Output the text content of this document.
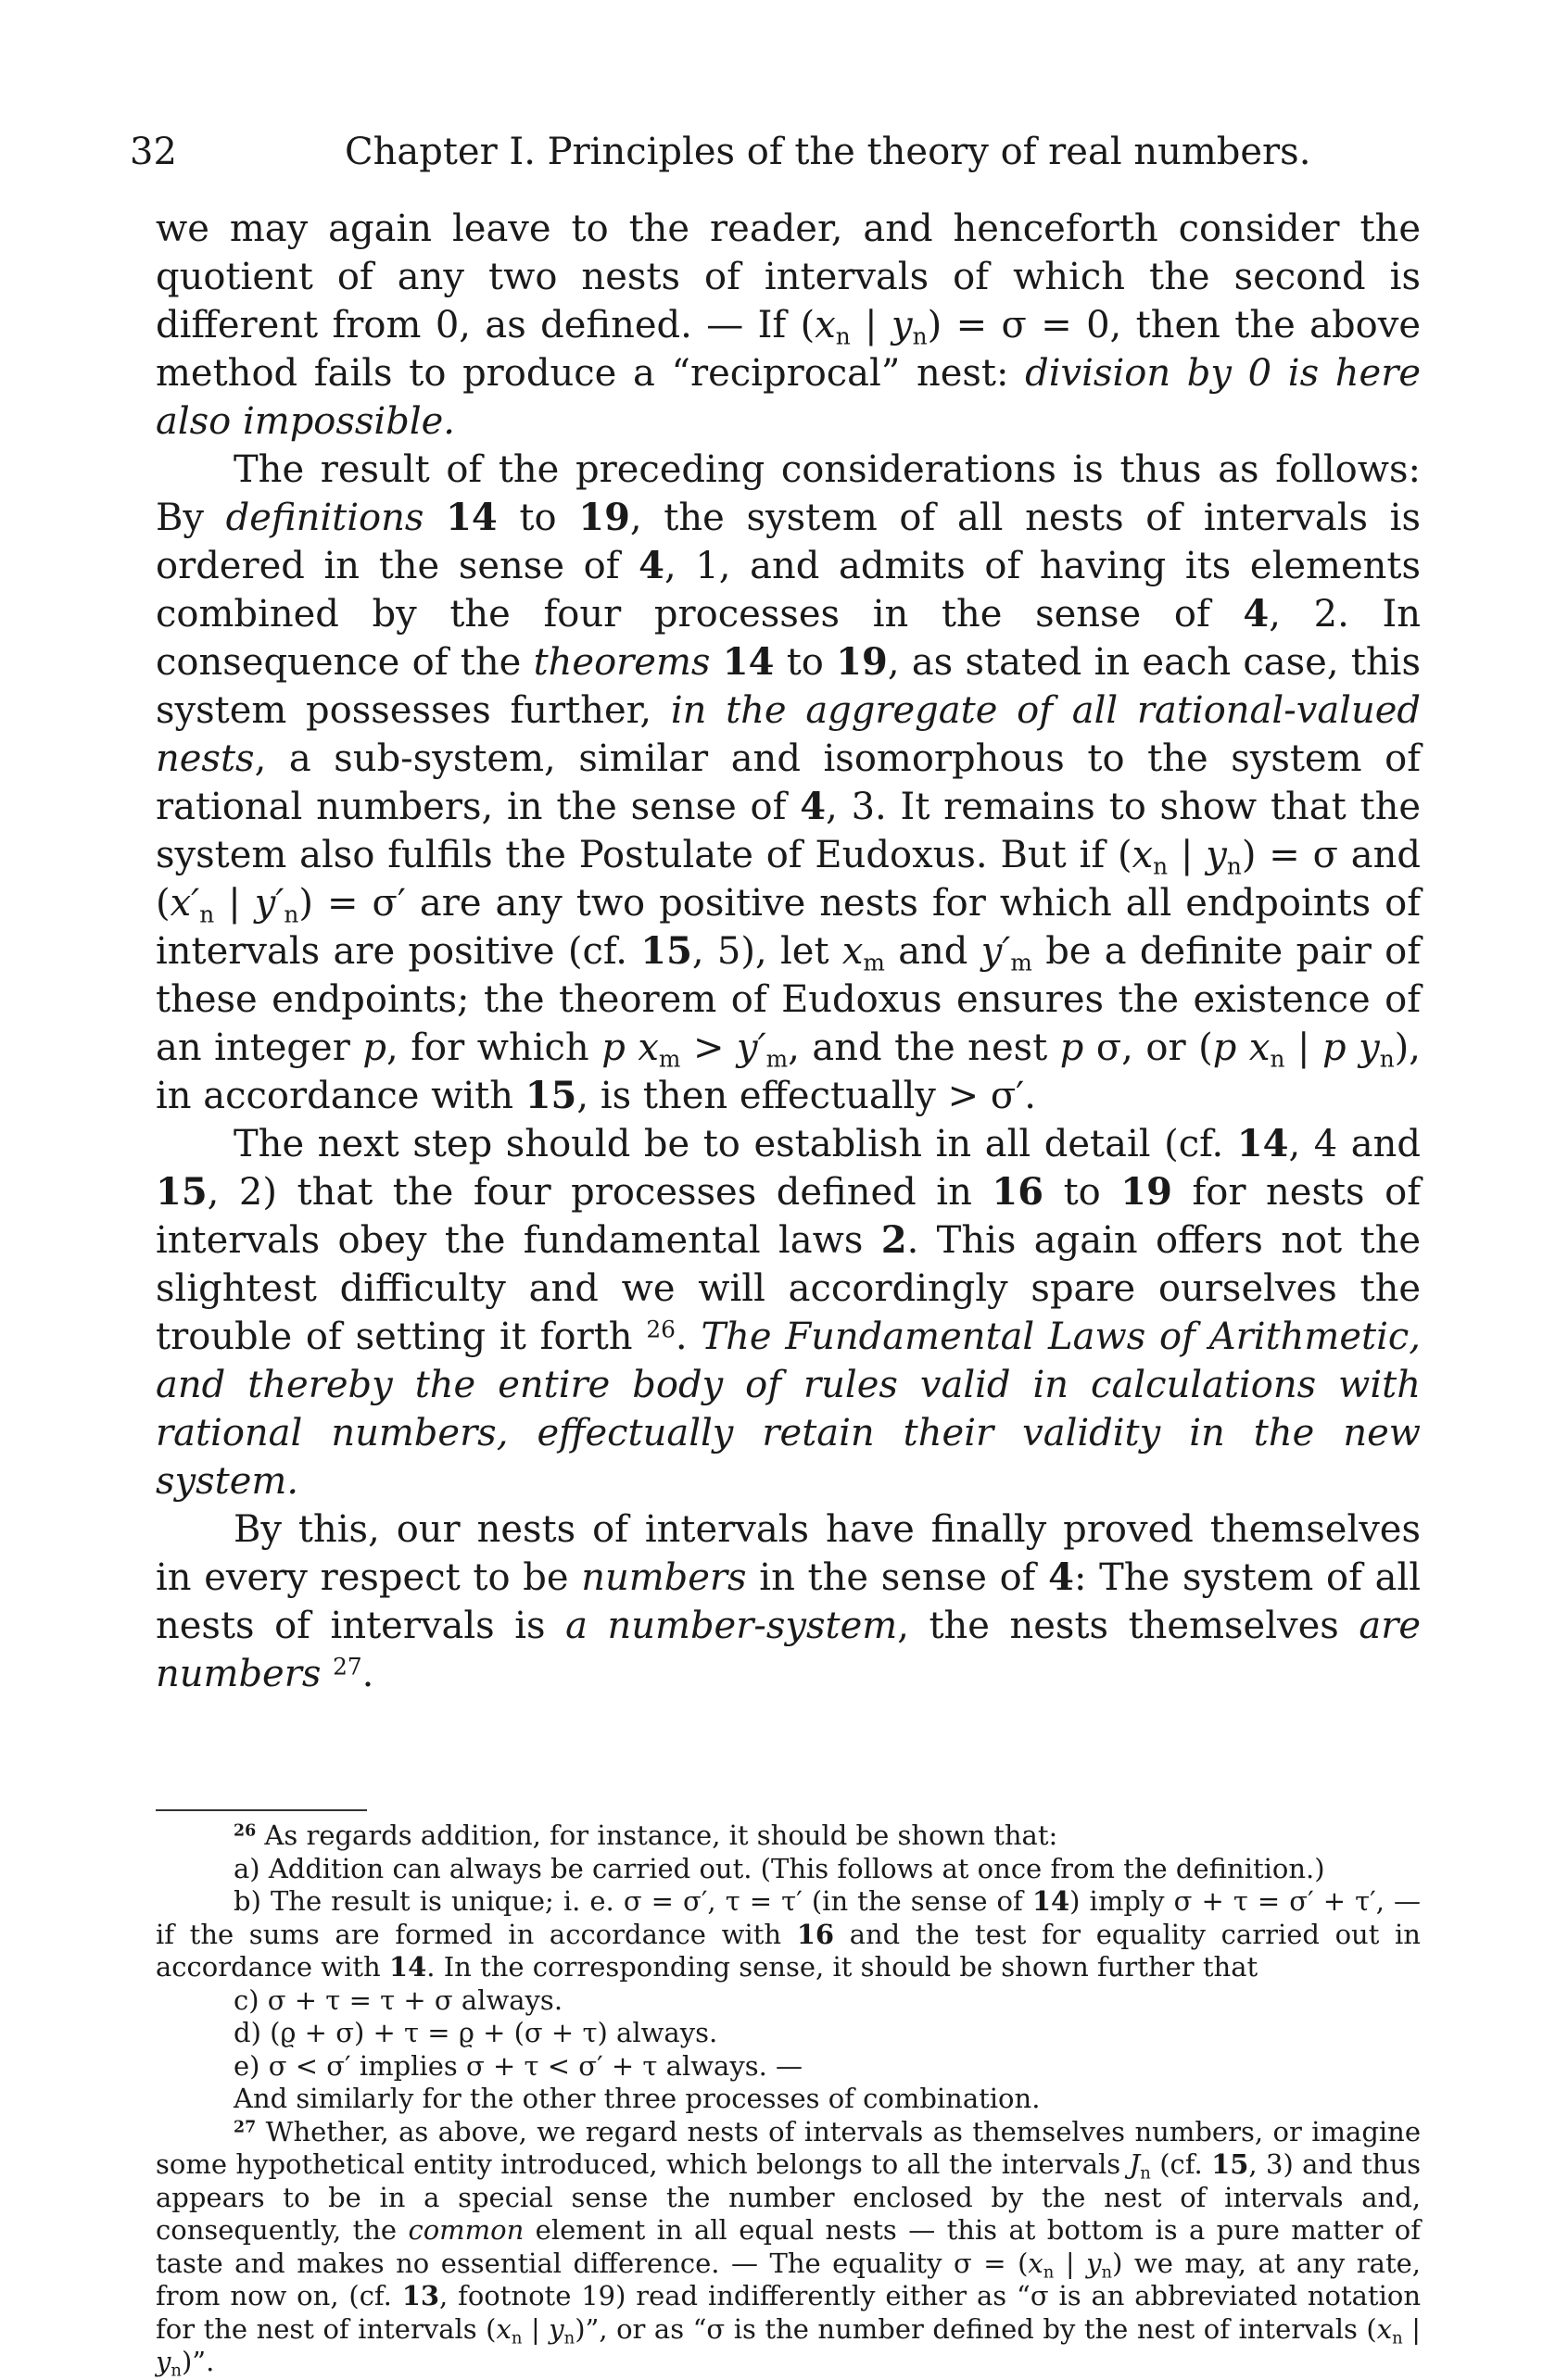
32	Chapter I. Principles of the theory of real numbers.

we may again leave to the reader, and henceforth consider the quotient of any two nests of intervals of which the second is different from 0, as defined. — If ($x_n$ | $y_n) = \sigma = 0$, then the above method fails to produce a “reciprocal” nest: division by 0 is here also impossible.

The result of the preceding considerations is thus as follows: By definitions 14 to 19, the system of all nests of intervals is ordered in the sense of 4, 1, and admits of having its elements combined by the four processes in the sense of 4, 2. In consequence of the theorems 14 to 19, as stated in each case, this system possesses further, in the aggregate of all rational-valued nests, a sub-system, similar and isomorphous to the system of rational numbers, in the sense of 4, 3. It remains to show that the system also fulfils the Postulate of Eudoxus. But if ($x_n$ | $y_n) = \sigma$ and ($x'_n$ | $y'_n) = \sigma'$ are any two positive nests for which all endpoints of intervals are positive (cf. 15, 5), let $x_m$ and $y'_m$ be a definite pair of these endpoints; the theorem of Eudoxus ensures the existence of an integer p, for which p $x_m > y'_m$, and the nest p σ, or (p $x_n$ | p $y_n$), in accordance with 15, is then effectually > σ′.

The next step should be to establish in all detail (cf. 14, 4 and 15, 2) that the four processes defined in 16 to 19 for nests of intervals obey the fundamental laws 2. This again offers not the slightest difficulty and we will accordingly spare ourselves the trouble of setting it forth $^{26}$. The Fundamental Laws of Arithmetic, and thereby the entire body of rules valid in calculations with rational numbers, effectually retain their validity in the new system.

By this, our nests of intervals have finally proved themselves in every respect to be numbers in the sense of 4: The system of all nests of intervals is a number-system, the nests themselves are numbers $^{27}$.

$^{26}$ As regards addition, for instance, it should be shown that:

a) Addition can always be carried out. (This follows at once from the definition.)

b) The result is unique; i. e. σ = σ′, τ = τ′ (in the sense of 14) imply σ + τ = σ′ + τ′, — if the sums are formed in accordance with 16 and the test for equality carried out in accordance with 14. In the corresponding sense, it should be shown further that

c) σ + τ = τ + σ always.

d) (ϱ + σ) + τ = ϱ + (σ + τ) always.

e) σ < σ′ implies σ + τ < σ′ + τ always. —

And similarly for the other three processes of combination.

$^{27}$ Whether, as above, we regard nests of intervals as themselves numbers, or imagine some hypothetical entity introduced, which belongs to all the intervals $J_n$ (cf. 15, 3) and thus appears to be in a special sense the number enclosed by the nest of intervals and, consequently, the common element in all equal nests — this at bottom is a pure matter of taste and makes no essential difference. — The equality $\sigma = (x_n$ | $y_n$) we may, at any rate, from now on, (cf. 13, footnote 19) read indifferently either as “σ is an abbreviated notation for the nest of intervals ($x_n$ | $y_n$)”, or as “σ is the number defined by the nest of intervals ($x_n$ | $y_n$)”.
